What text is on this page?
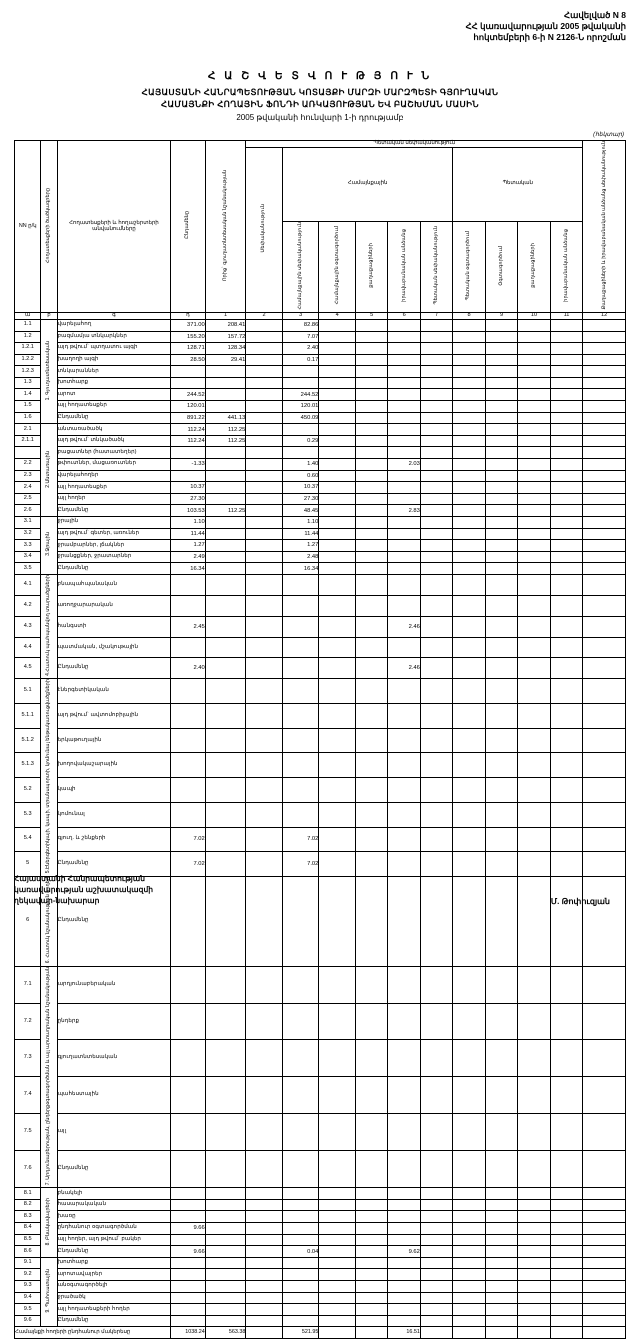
Հավելված N 8
ՀՀ կառավարության 2005 թվականի
հոկտեմբերի 6-ի N 2126-Ն որոշման
Հ Ա Շ Վ Ե Տ Վ Ո Ւ Թ Յ Ո Ւ Ն
ՀԱՅԱՍՏԱՆԻ ՀԱՆՐԱՊԵՏՈՒԹՅԱՆ ԿՈՏԱՅՔԻ ՄԱՐԶԻ ՄԱՐԶՊԵՏԻ ԳՅՈՒՂԱԿԱՆ
ՀԱՄԱՅՆՔԻ ՀՈՂԱՅԻՆ ՖՈՆԴԻ ԱՌԿԱՅՈՒԹՅԱՆ ԵՎ ԲԱՇԽՄԱՆ ՄԱՍԻՆ
2005 թվականի հունվարի 1-ի դրությամբ
(հեկտար)
NN ը/կ	Հողատեսքերի ծածկագրերը	Հողատեսքերի և հողաշերտերի անվանումները	Ընդամենը	Որից` գյուղատնտեսական նշանակության	Պետական սեփականություն										Քաղաքացիների և իրավաբանական անձանց սեփականություն
					Սեփականություն	Համայնքային					Պետական				
						Համայնքային սեփականություն	Համայնքային օգտագործում	քաղաքացիների	իրավաբանական անձանց	Պետական սեփականություն	Պետական օգտագործում	Օգտագործում	քաղաքացիների	իրավաբանական անձանց	
ա	բ	գ	դ	1	2	3	4	5	6	7	8	9	10	11	12
1.1	1. Գյուղատնտեսական	վարելահող	371.00	208.41		82.86									
1.2		բազմամյա տնկարկներ	155.20	157.72		7.07									
1.2.1		այդ թվում` պտղատու այգի	128.71	128.34		2.40									
1.2.2		խաղողի այգի	28.50	29.41		0.17									
1.2.3		տնկարաններ													
1.3		խոտհարք													
1.4		արոտ	244.52			244.52									
1.5		այլ հողատեսքեր	120.01			120.01									
1.6		Ընդամենը	891.22	441.13		450.09									
2.1	2.Անտառային	անտառածածկ	112.24	112.25											
2.1.1		այդ թվում` տնկածածկ	112.24	112.25		0.29									
		բացատներ (հատատեղեր)													
2.2		թփուտներ, մացառուտներ	-1.33			1.40			2.03						
2.3		վարելահողեր				0.60									
2.4		այլ հողատեսքեր	10.37			10.37									
2.5		այլ հողեր	27.30			27.30									
2.6		Ընդամենը	103.53	112.25		48.45			2.83						
3.1	3.Ջրային	ջրային	1.10			1.10									
3.2		այդ թվում` գետեր, առուներ	11.44			11.44									
3.3		ջրամբարներ, լճակներ	1.27			1.27									
3.4		ջրանցքներ, ջրատարներ	2.49			2.48									
3.5		Ընդամենը	16.34			16.34									
4.1	4.Հատուկ պահպանվող տարածքների	բնապահպանական													
4.2		առողջարարական													
4.3		հանգստի	2.45						2.46						
4.4		պատմական, մշակութային													
4.5		Ընդամենը	2.40						2.46						
5.1	5.Էներգետիկայի, կապի, տրանսպորտի, կոմունալ ենթակառուցվածքների	էներգետիկական													
5.1.1		այդ թվում` ավտոմոբիլային													
5.1.2		երկաթուղային													
5.1.3		խողովակաշարային													
5.2		կապի													
5.3		կոմունալ													
5.4		գյուղ. և շենքերի	7.02			7.02									
5		Ընդամենը	7.02			7.02									
6	6. Հատուկ նշանակության հողեր	Ընդամենը													
7.1	7. Արդյունաբերության, ընդերքօգտագործման և այլ արտադրական նշանակության	արդյունաբերական													
7.2		ընդերք													
7.3		գյուղատնտեսական													
7.4		պահեստային													
7.5		այլ													
7.6		Ընդամենը													
8.1	8. Բնակավայրերի	բնակելի													
8.2		հասարակական													
8.3		խառը													
8.4		ընդհանուր օգտագործման	9.66												
8.5		այլ հողեր, այդ թվում` բակեր													
8.6		Ընդամենը	9.66			0.04			9.62						
9.1	9. Պահուստային	խոտհարք													
9.2		արոտավայրեր													
9.3		անօգտագործելի													
9.4		ջրածածկ													
9.5		այլ հողատեսքերի հողեր													
9.6		Ընդամենը													
Համայնքի հողերի ընդհանուր մակերեսը			1038.24	563.38		521.95			16.51						
Հայաստանի Հանրապետության
կառավարության աշխատակազմի
ղեկավար-նախարար	Մ. Թոփուզյան
